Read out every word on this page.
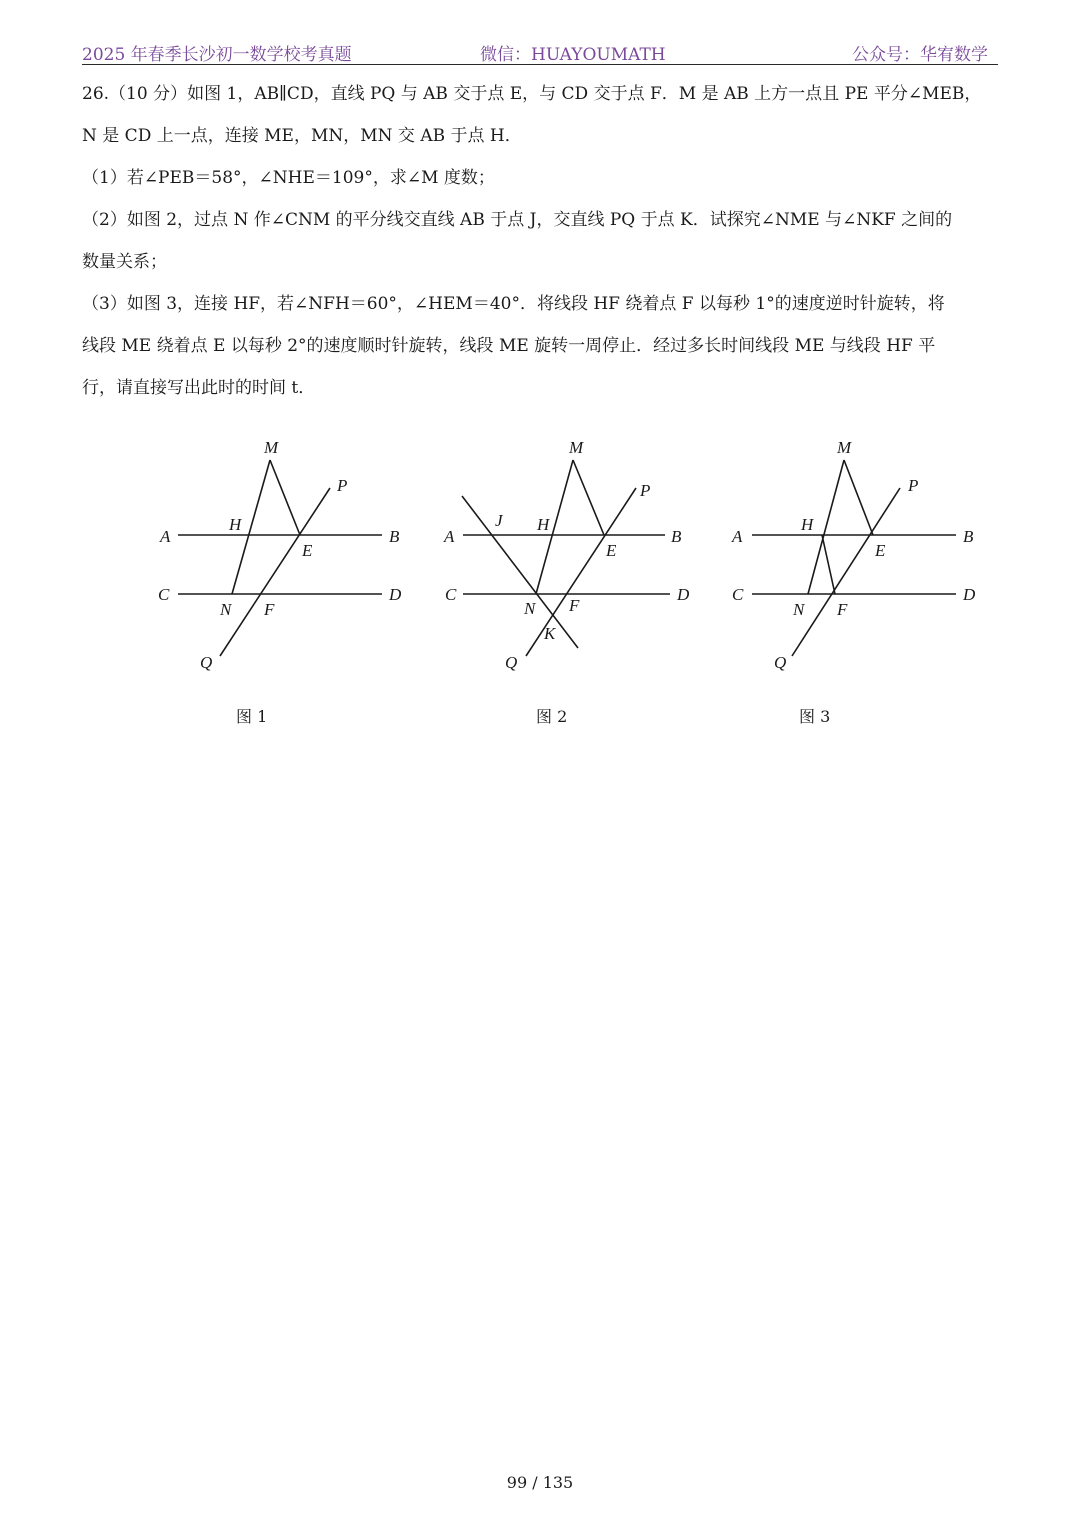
2025 年春季长沙初一数学校考真题	微信：HUAYOUMATH	公众号：华宥数学
26.（10 分）如图 1，AB∥CD，直线 PQ 与 AB 交于点 E，与 CD 交于点 F．M 是 AB 上方一点且 PE 平分∠MEB，
N 是 CD 上一点，连接 ME，MN，MN 交 AB 于点 H．
（1）若∠PEB＝58°，∠NHE＝109°，求∠M 度数；
（2）如图 2，过点 N 作∠CNM 的平分线交直线 AB 于点 J，交直线 PQ 于点 K．试探究∠NME 与∠NKF 之间的
数量关系；
（3）如图 3，连接 HF，若∠NFH＝60°，∠HEM＝40°．将线段 HF 绕着点 F 以每秒 1°的速度逆时针旋转，将
线段 ME 绕着点 E 以每秒 2°的速度顺时针旋转，线段 ME 旋转一周停止．经过多长时间线段 ME 与线段 HF 平
行，请直接写出此时的时间 t．
M
P
A
H
B
E
C
N F
D
Q
图 1
M
P
A
J H
B
E
C
N F
D
K
Q
图 2
M
P
A
H
B
E
C
N F
D
Q
图 3
99 / 135
